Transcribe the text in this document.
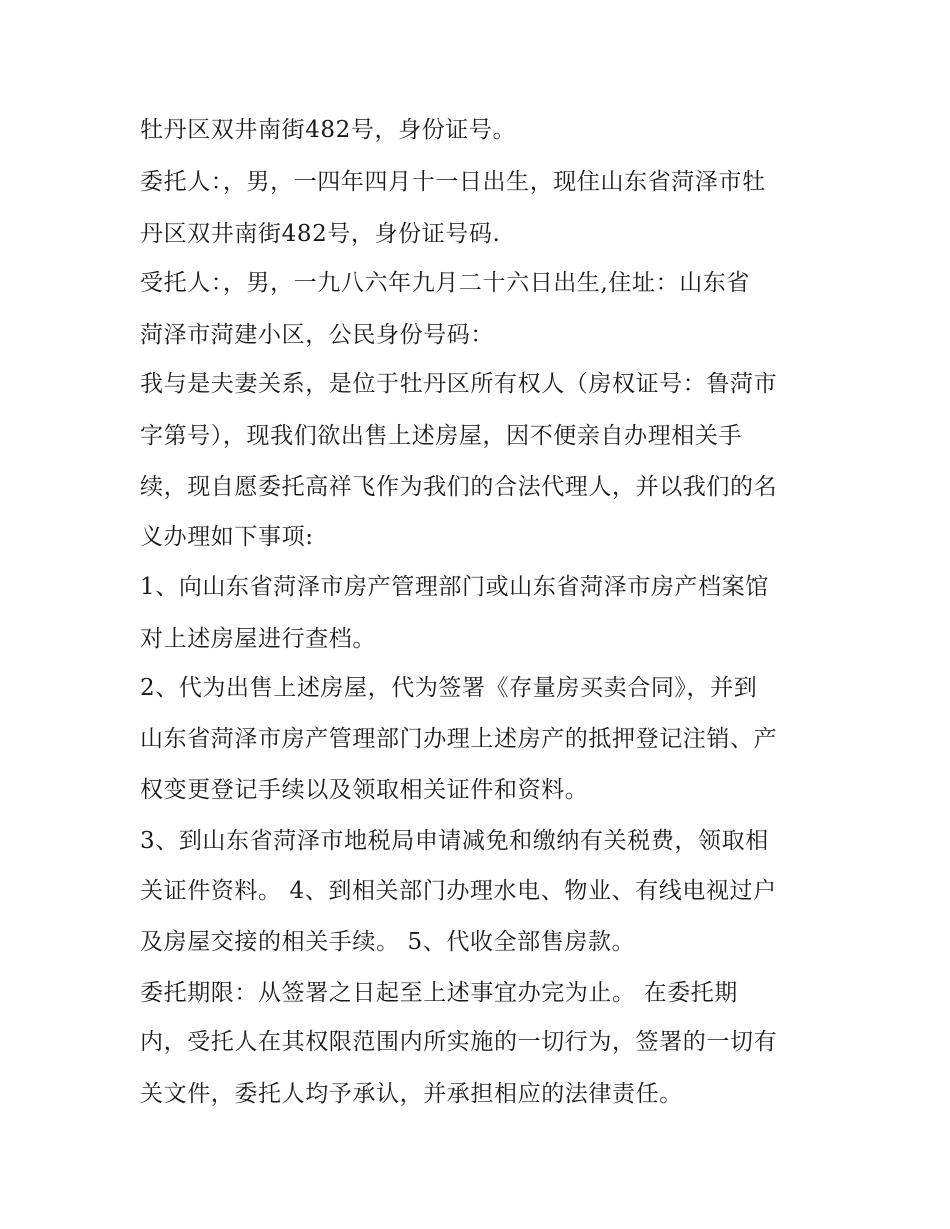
牡丹区双井南街482号，身份证号。
委托人：，男，一四年四月十一日出生，现住山东省菏泽市牡
丹区双井南街482号，身份证号码.
受托人：，男，一九八六年九月二十六日出生,住址：山东省
菏泽市菏建小区，公民身份号码：
我与是夫妻关系，是位于牡丹区所有权人（房权证号：鲁菏市
字第号），现我们欲出售上述房屋，因不便亲自办理相关手
续，现自愿委托高祥飞作为我们的合法代理人，并以我们的名
义办理如下事项:
1、向山东省菏泽市房产管理部门或山东省菏泽市房产档案馆
对上述房屋进行查档。
2、代为出售上述房屋，代为签署《存量房买卖合同》，并到
山东省菏泽市房产管理部门办理上述房产的抵押登记注销、产
权变更登记手续以及领取相关证件和资料。
3、到山东省菏泽市地税局申请减免和缴纳有关税费，领取相
关证件资料。 4、到相关部门办理水电、物业、有线电视过户
及房屋交接的相关手续。 5、代收全部售房款。
委托期限：从签署之日起至上述事宜办完为止。 在委托期
内，受托人在其权限范围内所实施的一切行为，签署的一切有
关文件，委托人均予承认，并承担相应的法律责任。
